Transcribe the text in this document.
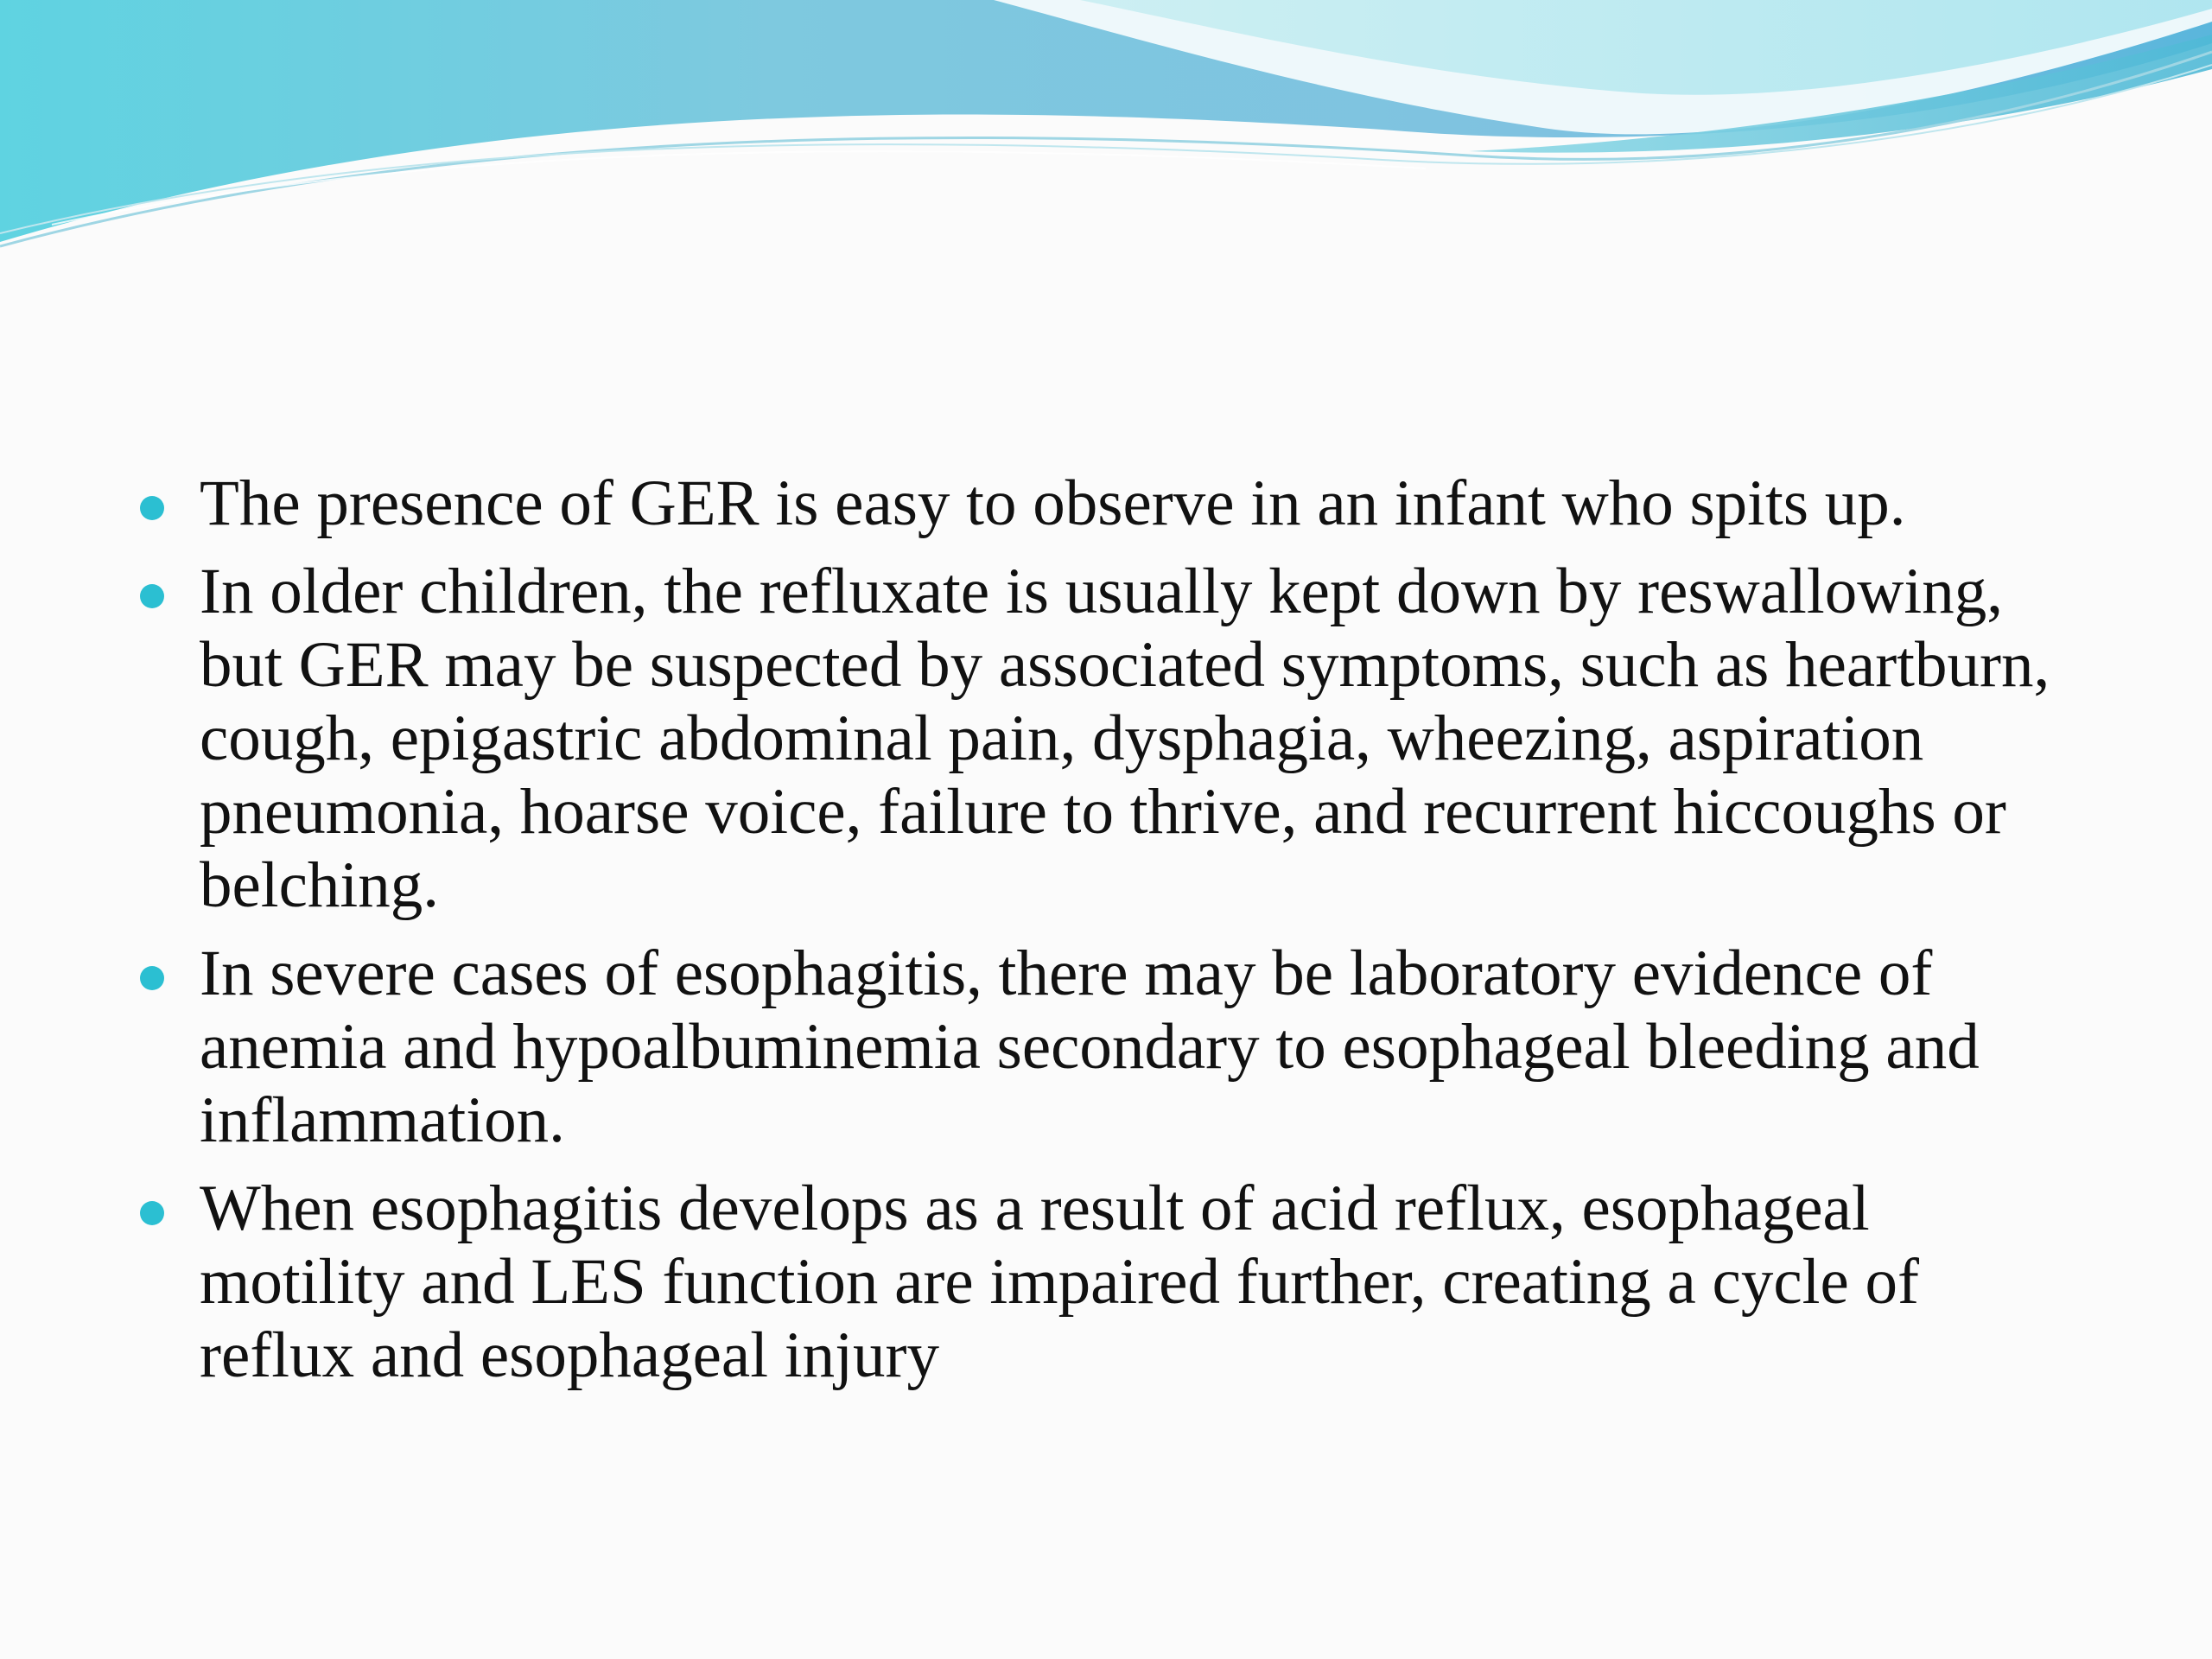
The presence of GER is easy to observe in an infant who spits up.
In older children, the refluxate is usually kept down by reswallowing, but GER may be suspected by associated symptoms, such as heartburn, cough, epigastric abdominal pain, dysphagia, wheezing, aspiration pneumonia, hoarse voice, failure to thrive, and recurrent hiccoughs or belching.
In severe cases of esophagitis, there may be laboratory evidence of anemia and hypoalbuminemia secondary to esophageal bleeding and inflammation.
When esophagitis develops as a result of acid reflux, esophageal motility and LES function are impaired further, creating a cycle of reflux and esophageal injury
